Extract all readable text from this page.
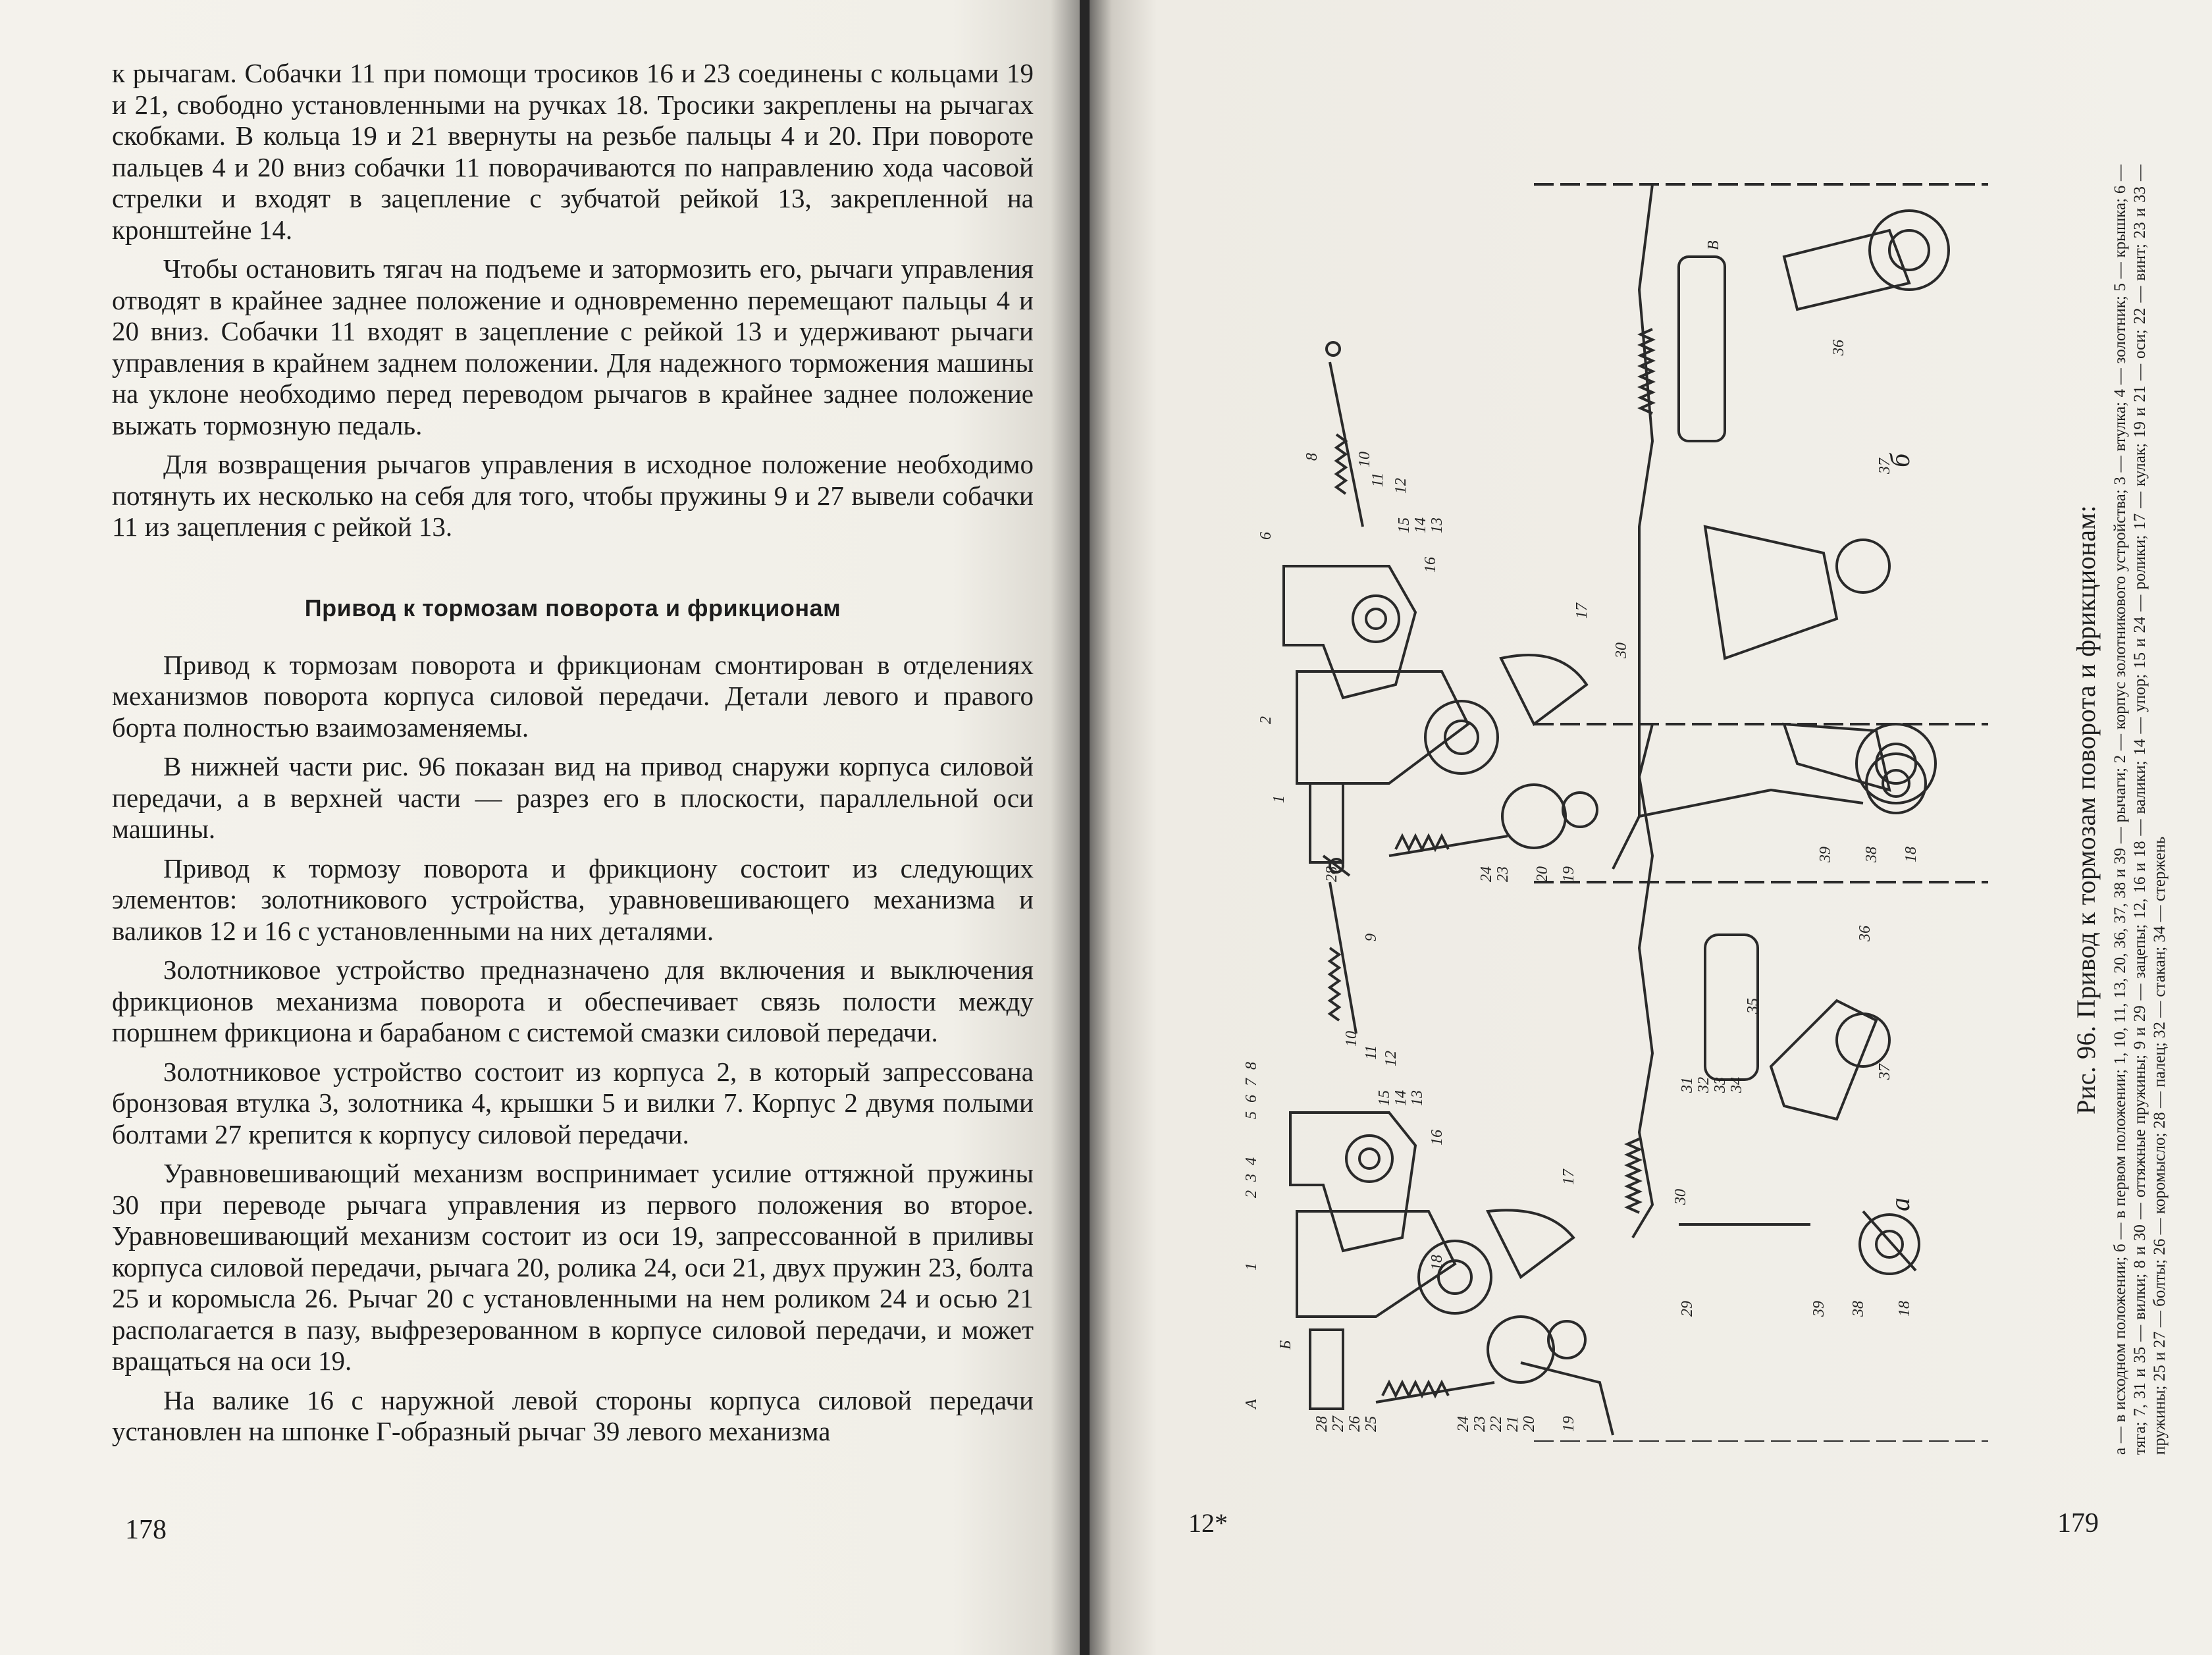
к рычагам. Собачки 11 при помощи тросиков 16 и 23 соединены с кольцами 19 и 21, свободно установленными на ручках 18. Тросики закреплены на рычагах скобками. В кольца 19 и 21 ввернуты на резьбе пальцы 4 и 20. При повороте пальцев 4 и 20 вниз собачки 11 поворачиваются по направлению хода часовой стрелки и входят в зацепление с зубчатой рейкой 13, закрепленной на кронштейне 14.

Чтобы остановить тягач на подъеме и затормозить его, рычаги управления отводят в крайнее заднее положение и одновременно перемещают пальцы 4 и 20 вниз. Собачки 11 входят в зацепление с рейкой 13 и удерживают рычаги управления в крайнем заднем положении. Для надежного торможения машины на уклоне необходимо перед переводом рычагов в крайнее заднее положение выжать тормозную педаль.

Для возвращения рычагов управления в исходное положение необходимо потянуть их несколько на себя для того, чтобы пружины 9 и 27 вывели собачки 11 из зацепления с рейкой 13.

Привод к тормозам поворота и фрикционам

Привод к тормозам поворота и фрикционам смонтирован в отделениях механизмов поворота корпуса силовой передачи. Детали левого и правого борта полностью взаимозаменяемы.

В нижней части рис. 96 показан вид на привод снаружи корпуса силовой передачи, а в верхней части — разрез его в плоскости, параллельной оси машины.

Привод к тормозу поворота и фрикциону состоит из следующих элементов: золотникового устройства, уравновешивающего механизма и валиков 12 и 16 с установленными на них деталями.

Золотниковое устройство предназначено для включения и выключения фрикционов механизма поворота и обеспечивает связь полости между поршнем фрикциона и барабаном с системой смазки силовой передачи.

Золотниковое устройство состоит из корпуса 2, в который запрессована бронзовая втулка 3, золотника 4, крышки 5 и вилки 7. Корпус 2 двумя полыми болтами 27 крепится к корпусу силовой передачи.

Уравновешивающий механизм воспринимает усилие оттяжной пружины 30 при переводе рычага управления из первого положения во второе. Уравновешивающий механизм состоит из оси 19, запрессованной в приливы корпуса силовой передачи, рычага 20, ролика 24, оси 21, двух пружин 23, болта 25 и коромысла 26. Рычаг 20 с установленными на нем роликом 24 и осью 21 располагается в пазу, выфрезерованном в корпусе силовой передачи, и может вращаться на оси 19.

На валике 16 с наружной левой стороны корпуса силовой передачи установлен на шпонке Г-образный рычаг 39 левого механизма

178
1
2
3
4
5
6
7
8
9
10
11 12
13
14
15
16
17
18
19
20
21
22
23
24
25
26
27
28
А
Б
18
29
30
31 32 33 34
35
36
37
38
39
1
2
6
8 10
11 12
13
14
15
16
17
19
20
23
24
28
18
30
36
37
38
39
В
а
б
Рис. 96. Привод к тормозам поворота и фрикционам: а — в исходном положении; б — в первом положении; 1, 10, 11, 13, 20, 36, 37, 38 и 39 — рычаги; 2 — корпус золотникового устройства; 3 — втулка; 4 — золотник; 5 — крышка; 6 — тяга; 7, 31 и 35 — вилки; 8 и 30 — оттяжные пружины; 9 и 29 — зацепы; 12, 16 и 18 — валики; 14 — упор; 15 и 24 — ролики; 17 — кулак; 19 и 21 — оси; 22 — винт; 23 и 33 — пружины; 25 и 27 — болты; 26 — коромысло; 28 — палец; 32 — стакан; 34 — стержень

12*	179
